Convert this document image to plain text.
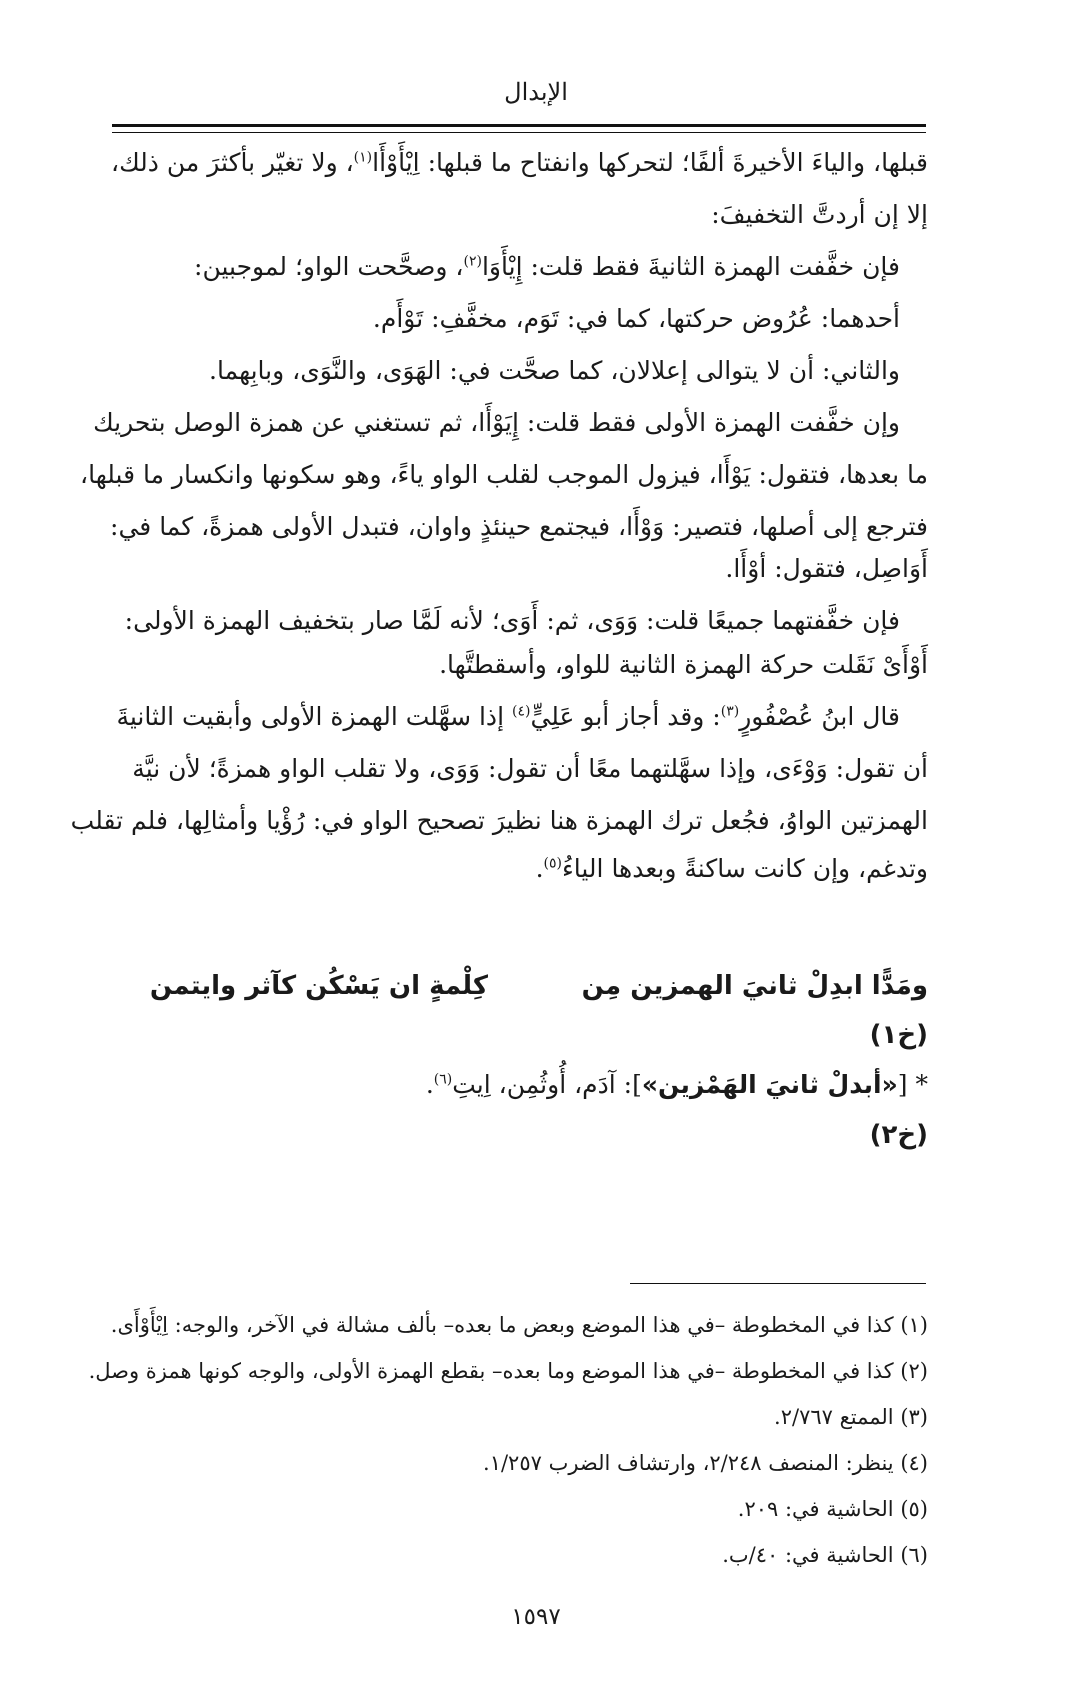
الإبدال
قبلها، والياءَ الأخيرةَ ألفًا؛ لتحركها وانفتاح ما قبلها: اِيْأَوْأَا$^{(١)}$، ولا تغيّر بأكثرَ من ذلك،
إلا إن أردتَّ التخفيفَ:
فإن خفَّفت الهمزة الثانيةَ فقط قلت: إِيْأَوَا$^{(٢)}$، وصحَّحت الواو؛ لموجبين:
أحدهما: عُرُوض حركتها، كما في: تَوَم، مخفَّفِ: تَوْأَم.
والثاني: أن لا يتوالى إعلالان، كما صحَّت في: الهَوَى، والنَّوَى، وبابِهما.
وإن خفَّفت الهمزة الأولى فقط قلت: إِيَوْأَا، ثم تستغني عن همزة الوصل بتحريك
ما بعدها، فتقول: يَوْأَا، فيزول الموجب لقلب الواو ياءً، وهو سكونها وانكسار ما قبلها،
فترجع إلى أصلها، فتصير: وَوْأَا، فيجتمع حينئذٍ واوان، فتبدل الأولى همزةً، كما في:
أَوَاصِل، فتقول: أوْأَا.
فإن خفَّفتهما جميعًا قلت: وَوَى، ثم: أَوَى؛ لأنه لَمَّا صار بتخفيف الهمزة الأولى:
أَوْأَىْ نَقَلت حركة الهمزة الثانية للواو، وأسقطتَّها.
قال ابنُ عُصْفُورٍ$^{(٣)}$: وقد أجاز أبو عَلِيٍّ$^{(٤)}$ إذا سهَّلت الهمزة الأولى وأبقيت الثانيةَ
أن تقول: وَوْءَى، وإذا سهَّلتهما معًا أن تقول: وَوَى، ولا تقلب الواو همزةً؛ لأن نيَّة
الهمزتين الواوُ، فجُعل ترك الهمزة هنا نظيرَ تصحيح الواو في: رُؤْيا وأمثالِها، فلم تقلب
وتدغم، وإن كانت ساكنةً وبعدها الياءُ$^{(٥)}$.
ومَدًّا ابدِلْ ثانيَ الهمزين مِن
كِلْمةٍ ان يَسْكُن كآثر وايتمن
(خ١)
* [«أبدلْ ثانيَ الهَمْزين»]: آدَم، أُوثُمِن، اِيتِ$^{(٦)}$.
(خ٢)
(١) كذا في المخطوطة –في هذا الموضع وبعض ما بعده– بألف مشالة في الآخر، والوجه: اِيْأَوْأَى.
(٢) كذا في المخطوطة –في هذا الموضع وما بعده– بقطع الهمزة الأولى، والوجه كونها همزة وصل.
(٣) الممتع ٢/٧٦٧.
(٤) ينظر: المنصف ٢/٢٤٨، وارتشاف الضرب ١/٢٥٧.
(٥) الحاشية في: ٢٠٩.
(٦) الحاشية في: ٤٠/ب.
١٥٩٧
